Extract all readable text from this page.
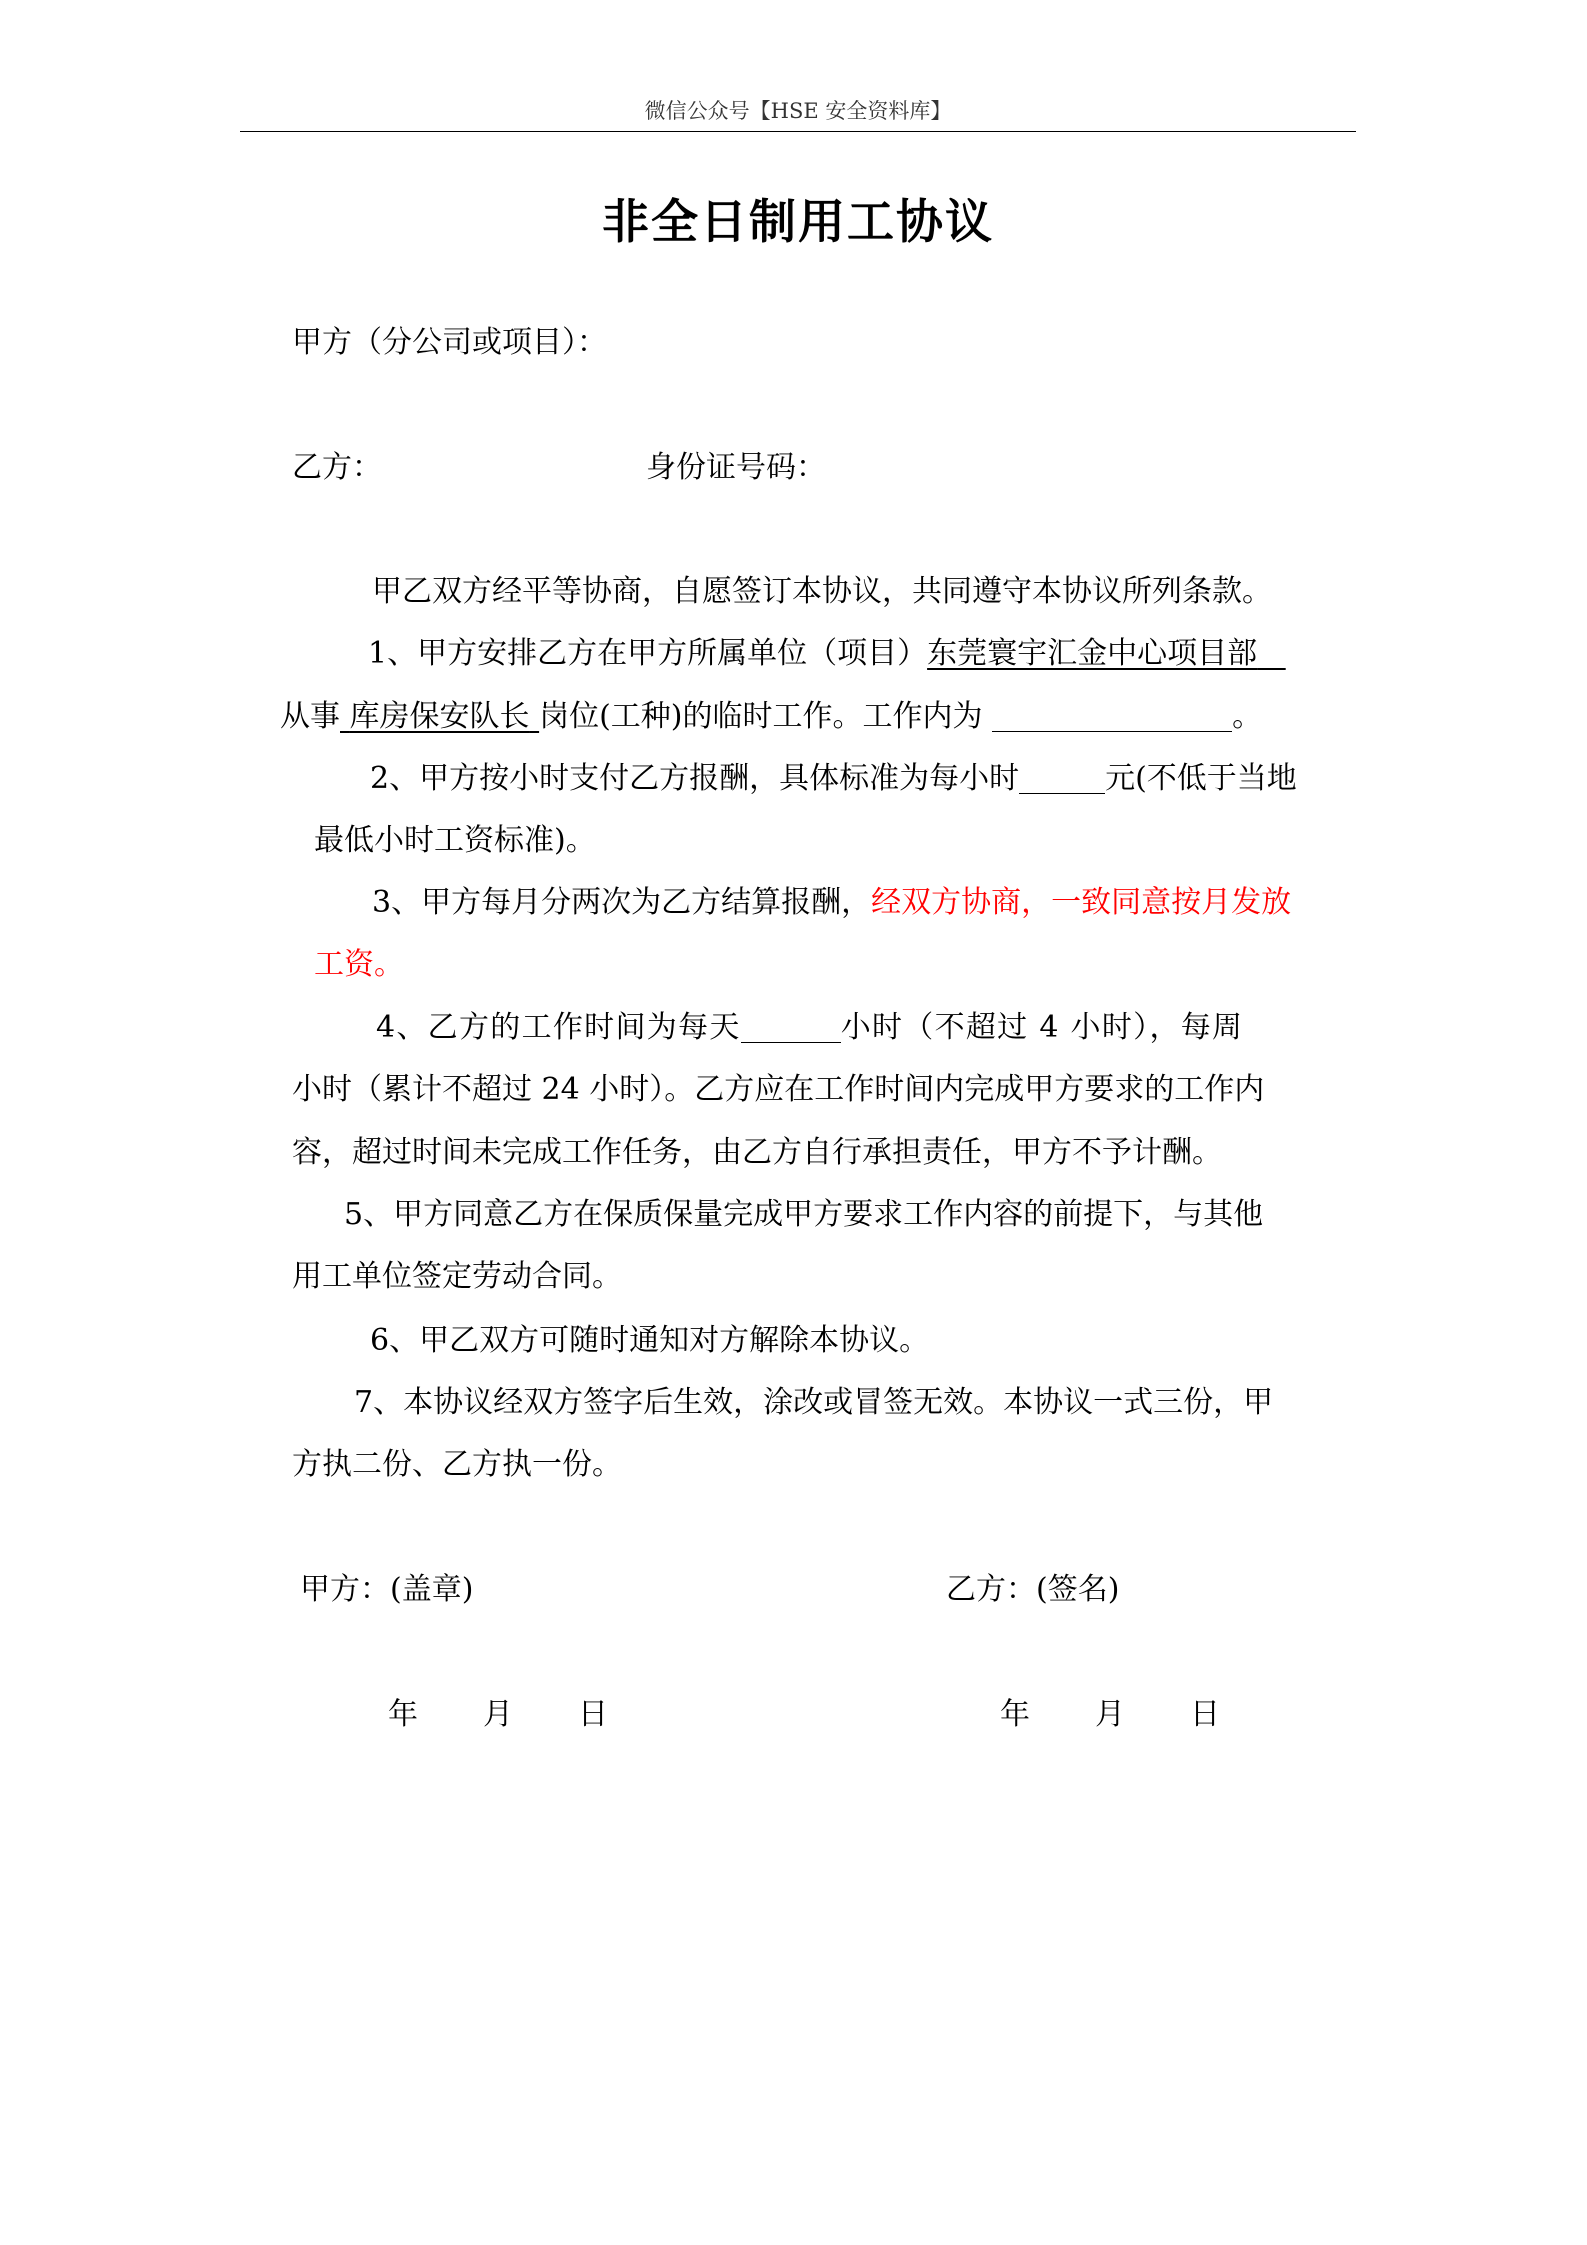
微信公众号【HSE 安全资料库】
非全日制用工协议
甲方（分公司或项目）：
乙方：	身份证号码：
甲乙双方经平等协商，自愿签订本协议，共同遵守本协议所列条款。
1、甲方安排乙方在甲方所属单位（项目）东莞寰宇汇金中心项目部
从事 库房保安队长 岗位(工种)的临时工作。工作内为	。
2、甲方按小时支付乙方报酬，具体标准为每小时	元(不低于当地
最低小时工资标准)。
3、甲方每月分两次为乙方结算报酬，经双方协商，一致同意按月发放
工资。
4、乙方的工作时间为每天	小时（不超过 4 小时），每周
小时（累计不超过 24 小时）。乙方应在工作时间内完成甲方要求的工作内
容，超过时间未完成工作任务，由乙方自行承担责任，甲方不予计酬。
5、甲方同意乙方在保质保量完成甲方要求工作内容的前提下，与其他
用工单位签定劳动合同。
6、甲乙双方可随时通知对方解除本协议。
7、本协议经双方签字后生效，涂改或冒签无效。本协议一式三份，甲
方执二份、乙方执一份。
甲方：(盖章)	乙方：(签名)
年 月 日	年 月 日
